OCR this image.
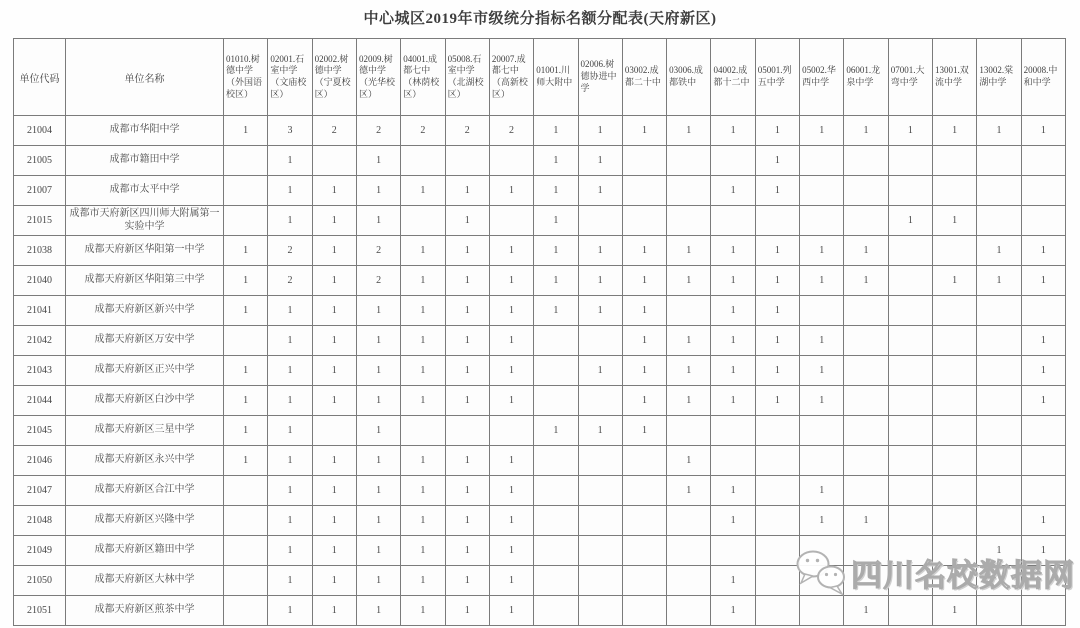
中心城区2019年市级统分指标名额分配表(天府新区)
单位代码	单位名称	01010.树德中学（外国语校区）	02001.石室中学（文庙校区）	02002.树德中学（宁夏校区）	02009.树德中学（光华校区）	04001.成都七中（林荫校区）	05008.石室中学（北湖校区）	20007.成都七中（高新校区）	01001.川师大附中	02006.树德协进中学	03002.成都二十中	03006.成都铁中	04002.成都十二中	05001.列五中学	05002.华西中学	06001.龙泉中学	07001.大弯中学	13001.双流中学	13002.棠湖中学	20008.中和中学
21004	成都市华阳中学	1	3	2	2	2	2	2	1	1	1	1	1	1	1	1	1	1	1	1
21005	成都市籍田中学		1		1				1	1				1						
21007	成都市太平中学		1	1	1	1	1	1	1	1			1	1						
21015	成都市天府新区四川师大附属第一实验中学		1	1	1		1		1								1	1		
21038	成都天府新区华阳第一中学	1	2	1	2	1	1	1	1	1	1	1	1	1	1	1			1	1
21040	成都天府新区华阳第三中学	1	2	1	2	1	1	1	1	1	1	1	1	1	1	1		1	1	1
21041	成都天府新区新兴中学	1	1	1	1	1	1	1	1	1	1		1	1						
21042	成都天府新区万安中学		1	1	1	1	1	1			1	1	1	1	1					1
21043	成都天府新区正兴中学	1	1	1	1	1	1	1		1	1	1	1	1	1					1
21044	成都天府新区白沙中学	1	1	1	1	1	1	1			1	1	1	1	1					1
21045	成都天府新区三星中学	1	1		1				1	1	1									
21046	成都天府新区永兴中学	1	1	1	1	1	1	1				1								
21047	成都天府新区合江中学		1	1	1	1	1	1				1	1		1					
21048	成都天府新区兴隆中学		1	1	1	1	1	1					1		1	1				1
21049	成都天府新区籍田中学		1	1	1	1	1	1											1	1
21050	成都天府新区大林中学		1	1	1	1	1	1					1							
21051	成都天府新区煎茶中学		1	1	1	1	1	1					1			1		1		
四川名校数据网
